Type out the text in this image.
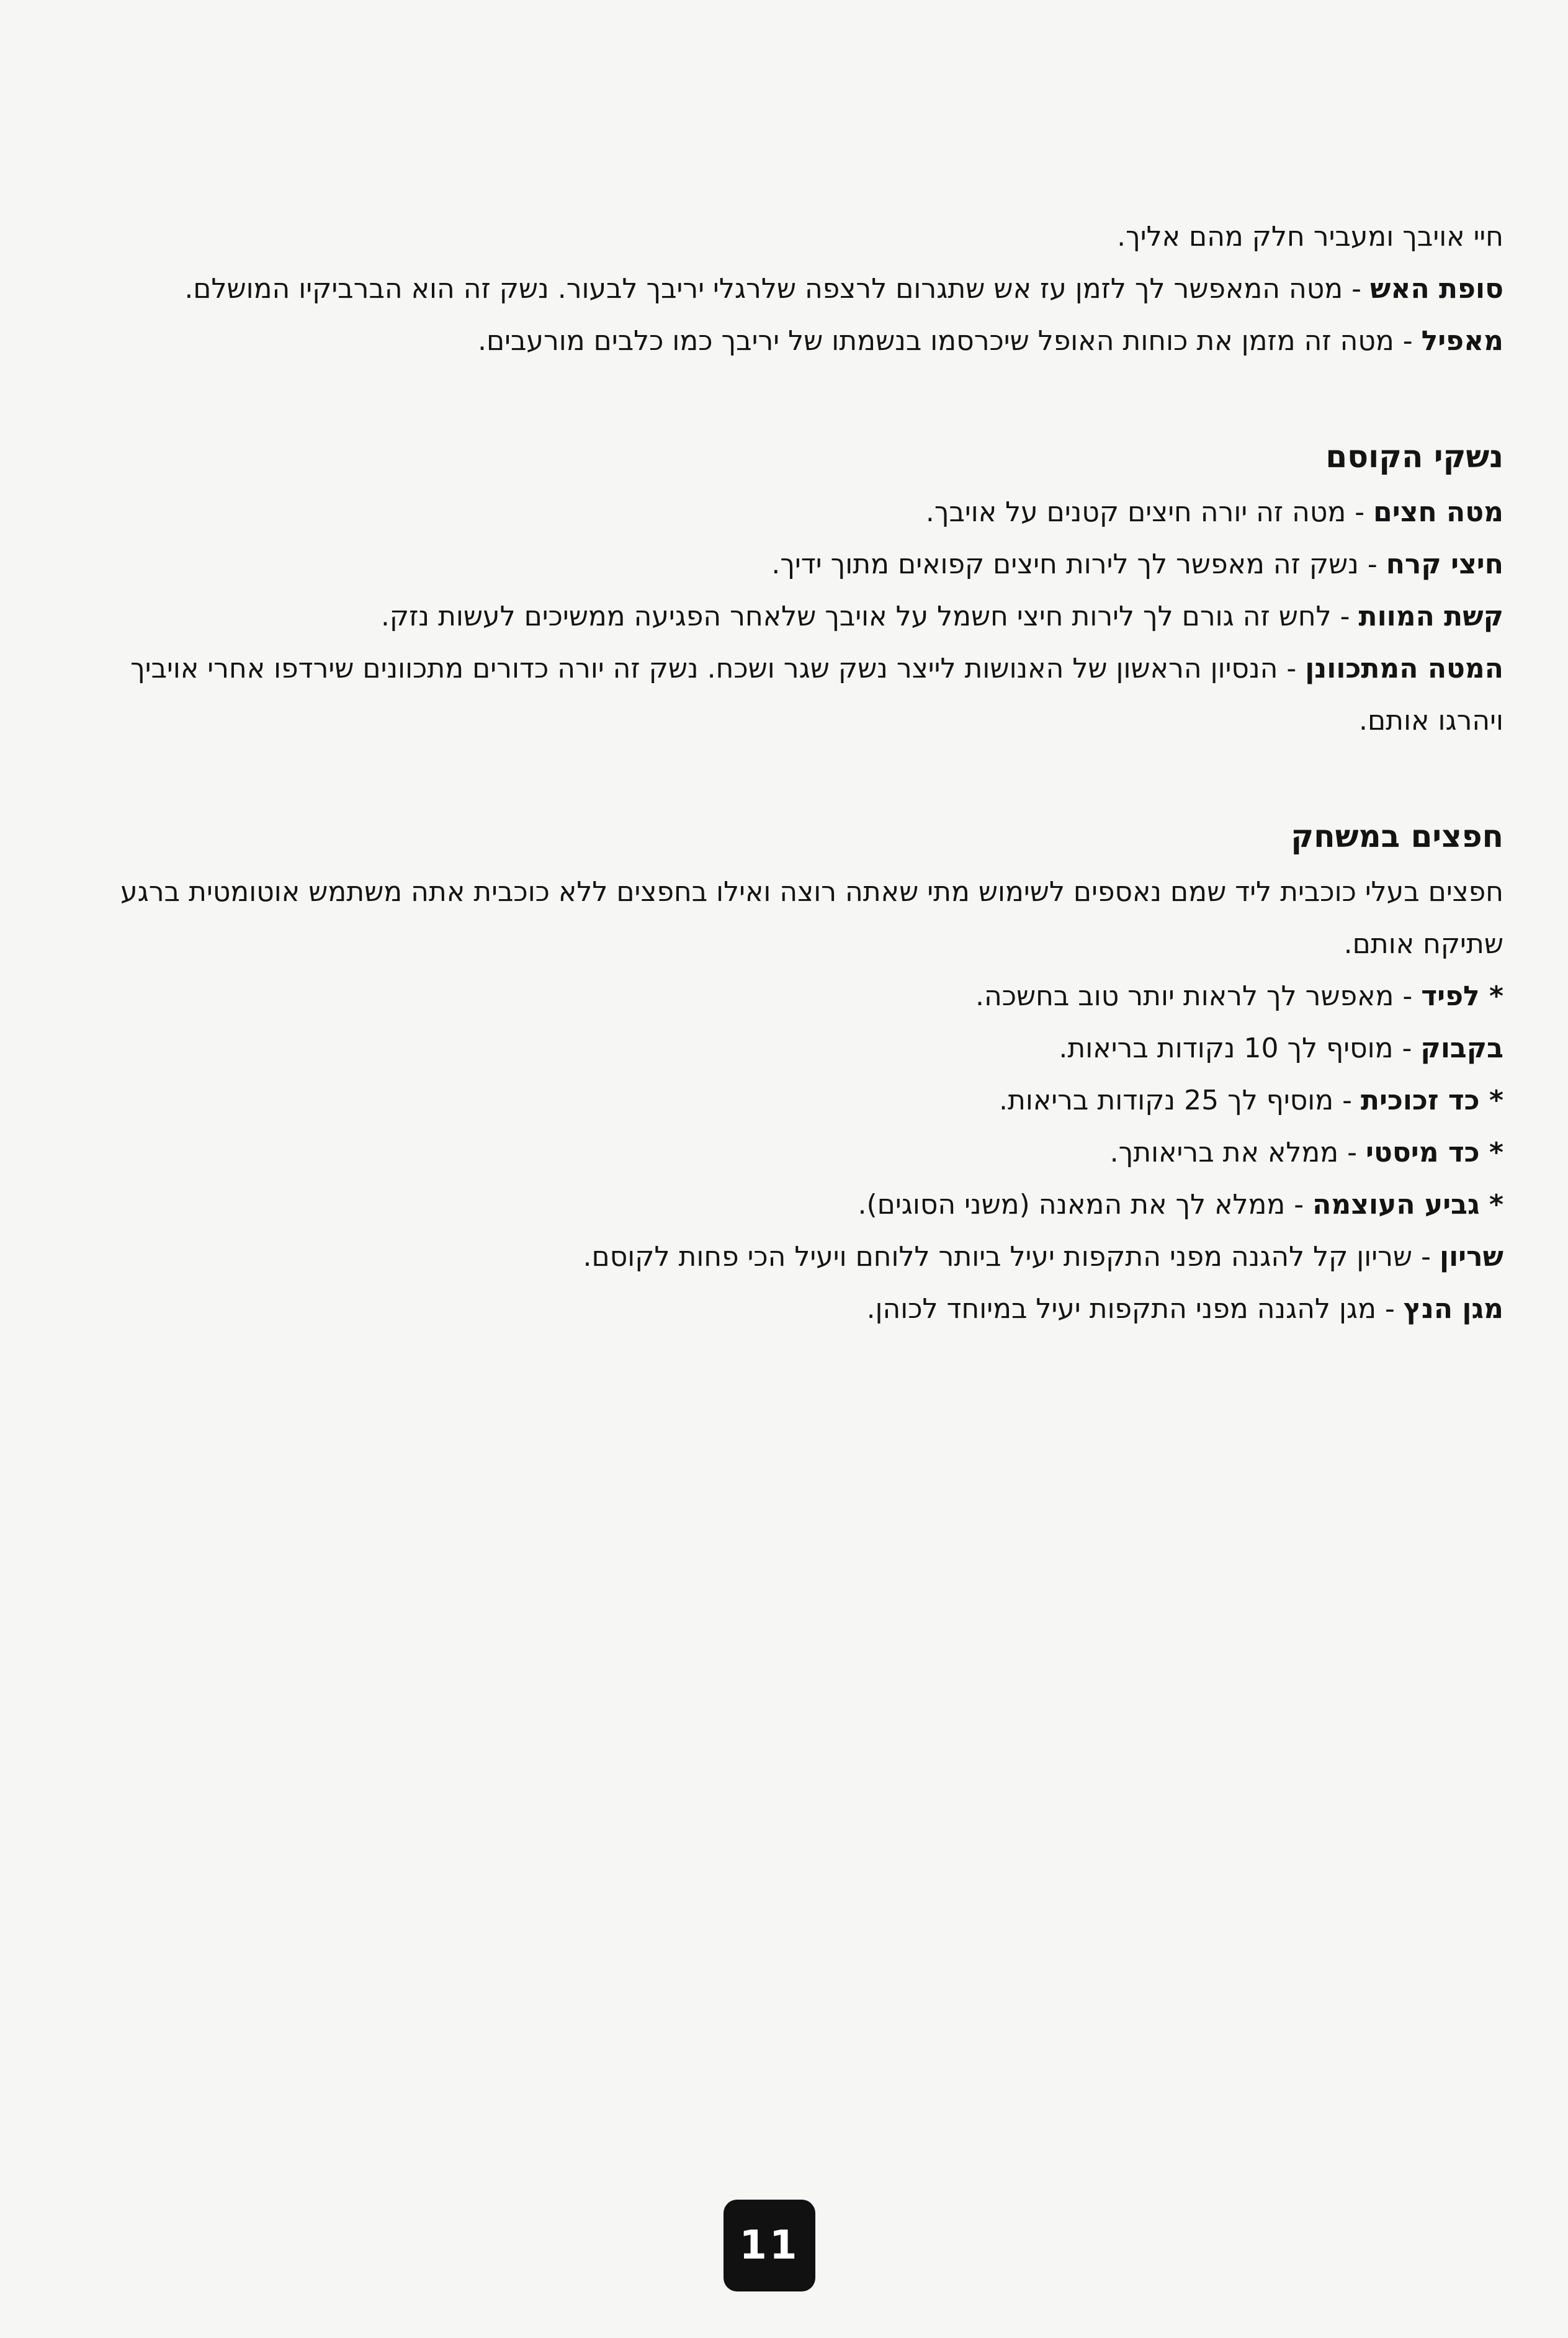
חיי אויבך ומעביר חלק מהם אליך.

סופת האש - מטה המאפשר לך לזמן עז אש שתגרום לרצפה שלרגלי יריבך לבעור. נשק זה הוא הברביקיו המושלם.

מאפיל - מטה זה מזמן את כוחות האופל שיכרסמו בנשמתו של יריבך כמו כלבים מורעבים.

נשקי הקוסם

מטה חצים - מטה זה יורה חיצים קטנים על אויבך.

חיצי קרח - נשק זה מאפשר לך לירות חיצים קפואים מתוך ידיך.

קשת המוות - לחש זה גורם לך לירות חיצי חשמל על אויבך שלאחר הפגיעה ממשיכים לעשות נזק.

המטה המתכוונן - הנסיון הראשון של האנושות לייצר נשק שגר ושכח. נשק זה יורה כדורים מתכוונים שירדפו אחרי אויביך ויהרגו אותם.

חפצים במשחק

חפצים בעלי כוכבית ליד שמם נאספים לשימוש מתי שאתה רוצה ואילו בחפצים ללא כוכבית אתה משתמש אוטומטית ברגע שתיקח אותם.

* לפיד - מאפשר לך לראות יותר טוב בחשכה.

בקבוק - מוסיף לך 10 נקודות בריאות.

* כד זכוכית - מוסיף לך 25 נקודות בריאות.

* כד מיסטי - ממלא את בריאותך.

* גביע העוצמה - ממלא לך את המאנה (משני הסוגים).

שריון - שריון קל להגנה מפני התקפות יעיל ביותר ללוחם ויעיל הכי פחות לקוסם.

מגן הנץ - מגן להגנה מפני התקפות יעיל במיוחד לכוהן.

11
